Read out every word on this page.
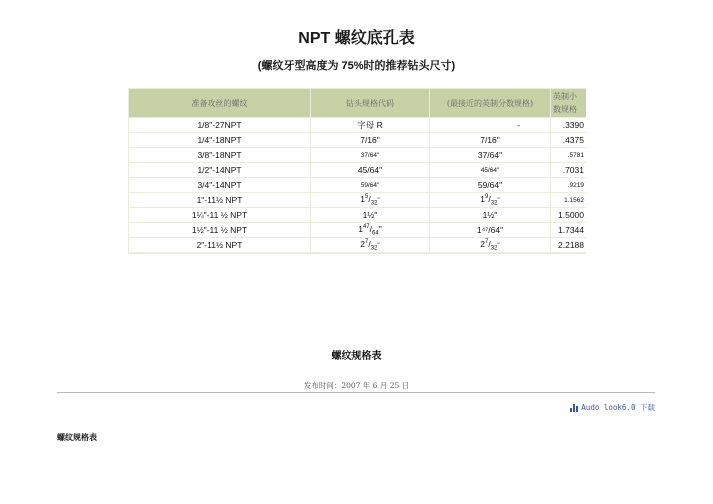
NPT 螺纹底孔表
(螺纹牙型高度为 75%时的推荐钻头尺寸)
准备攻丝的螺纹	钻头规格代码	(最接近的英制分数规格)	英制小
数规格

1/8"-27NPT	字母 R	-	.3390
1/4"-18NPT	7/16"	7/16"	.4375
3/8"-18NPT	37/64"	37/64"	.5781
1/2"-14NPT	45/64"	45/64"	.7031
3/4"-14NPT	59/64"	59/64"	.9219
1"-11½ NPT	$1^5/_{32}$"	$1^9/_{32}$"	1.1562
1¼"-11 ½ NPT	1½"	1½"	1.5000
1½"-11 ½ NPT	$1^{47}/_{64}$"	1⁴⁷/64"	1.7344
2"-11½ NPT	$2^7/_{32}$"	$2^7/_{32}$"	2.2188
螺纹规格表
发布时间：2007 年 6 月 25 日
Audo look6.0 下载
螺纹规格表
